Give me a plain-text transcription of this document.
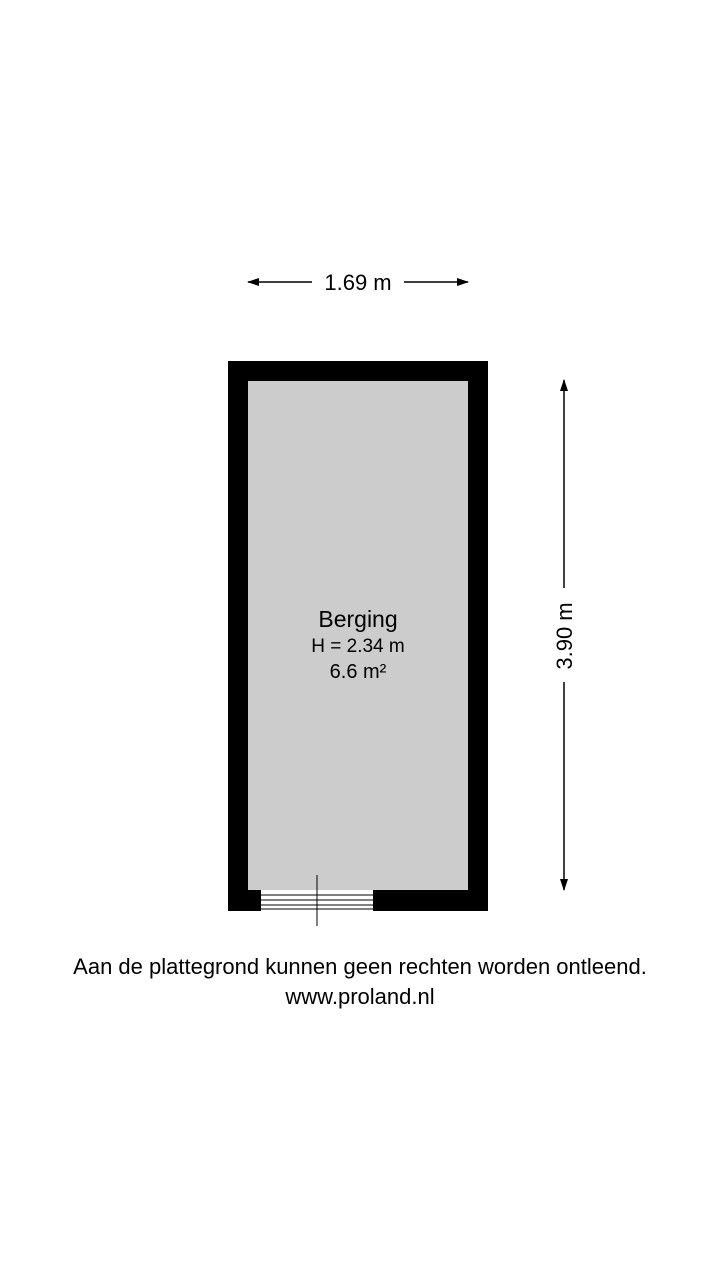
1.69 m
Berging
H = 2.34 m
6.6 m²
3.90 m
Aan de plattegrond kunnen geen rechten worden ontleend.
www.proland.nl
